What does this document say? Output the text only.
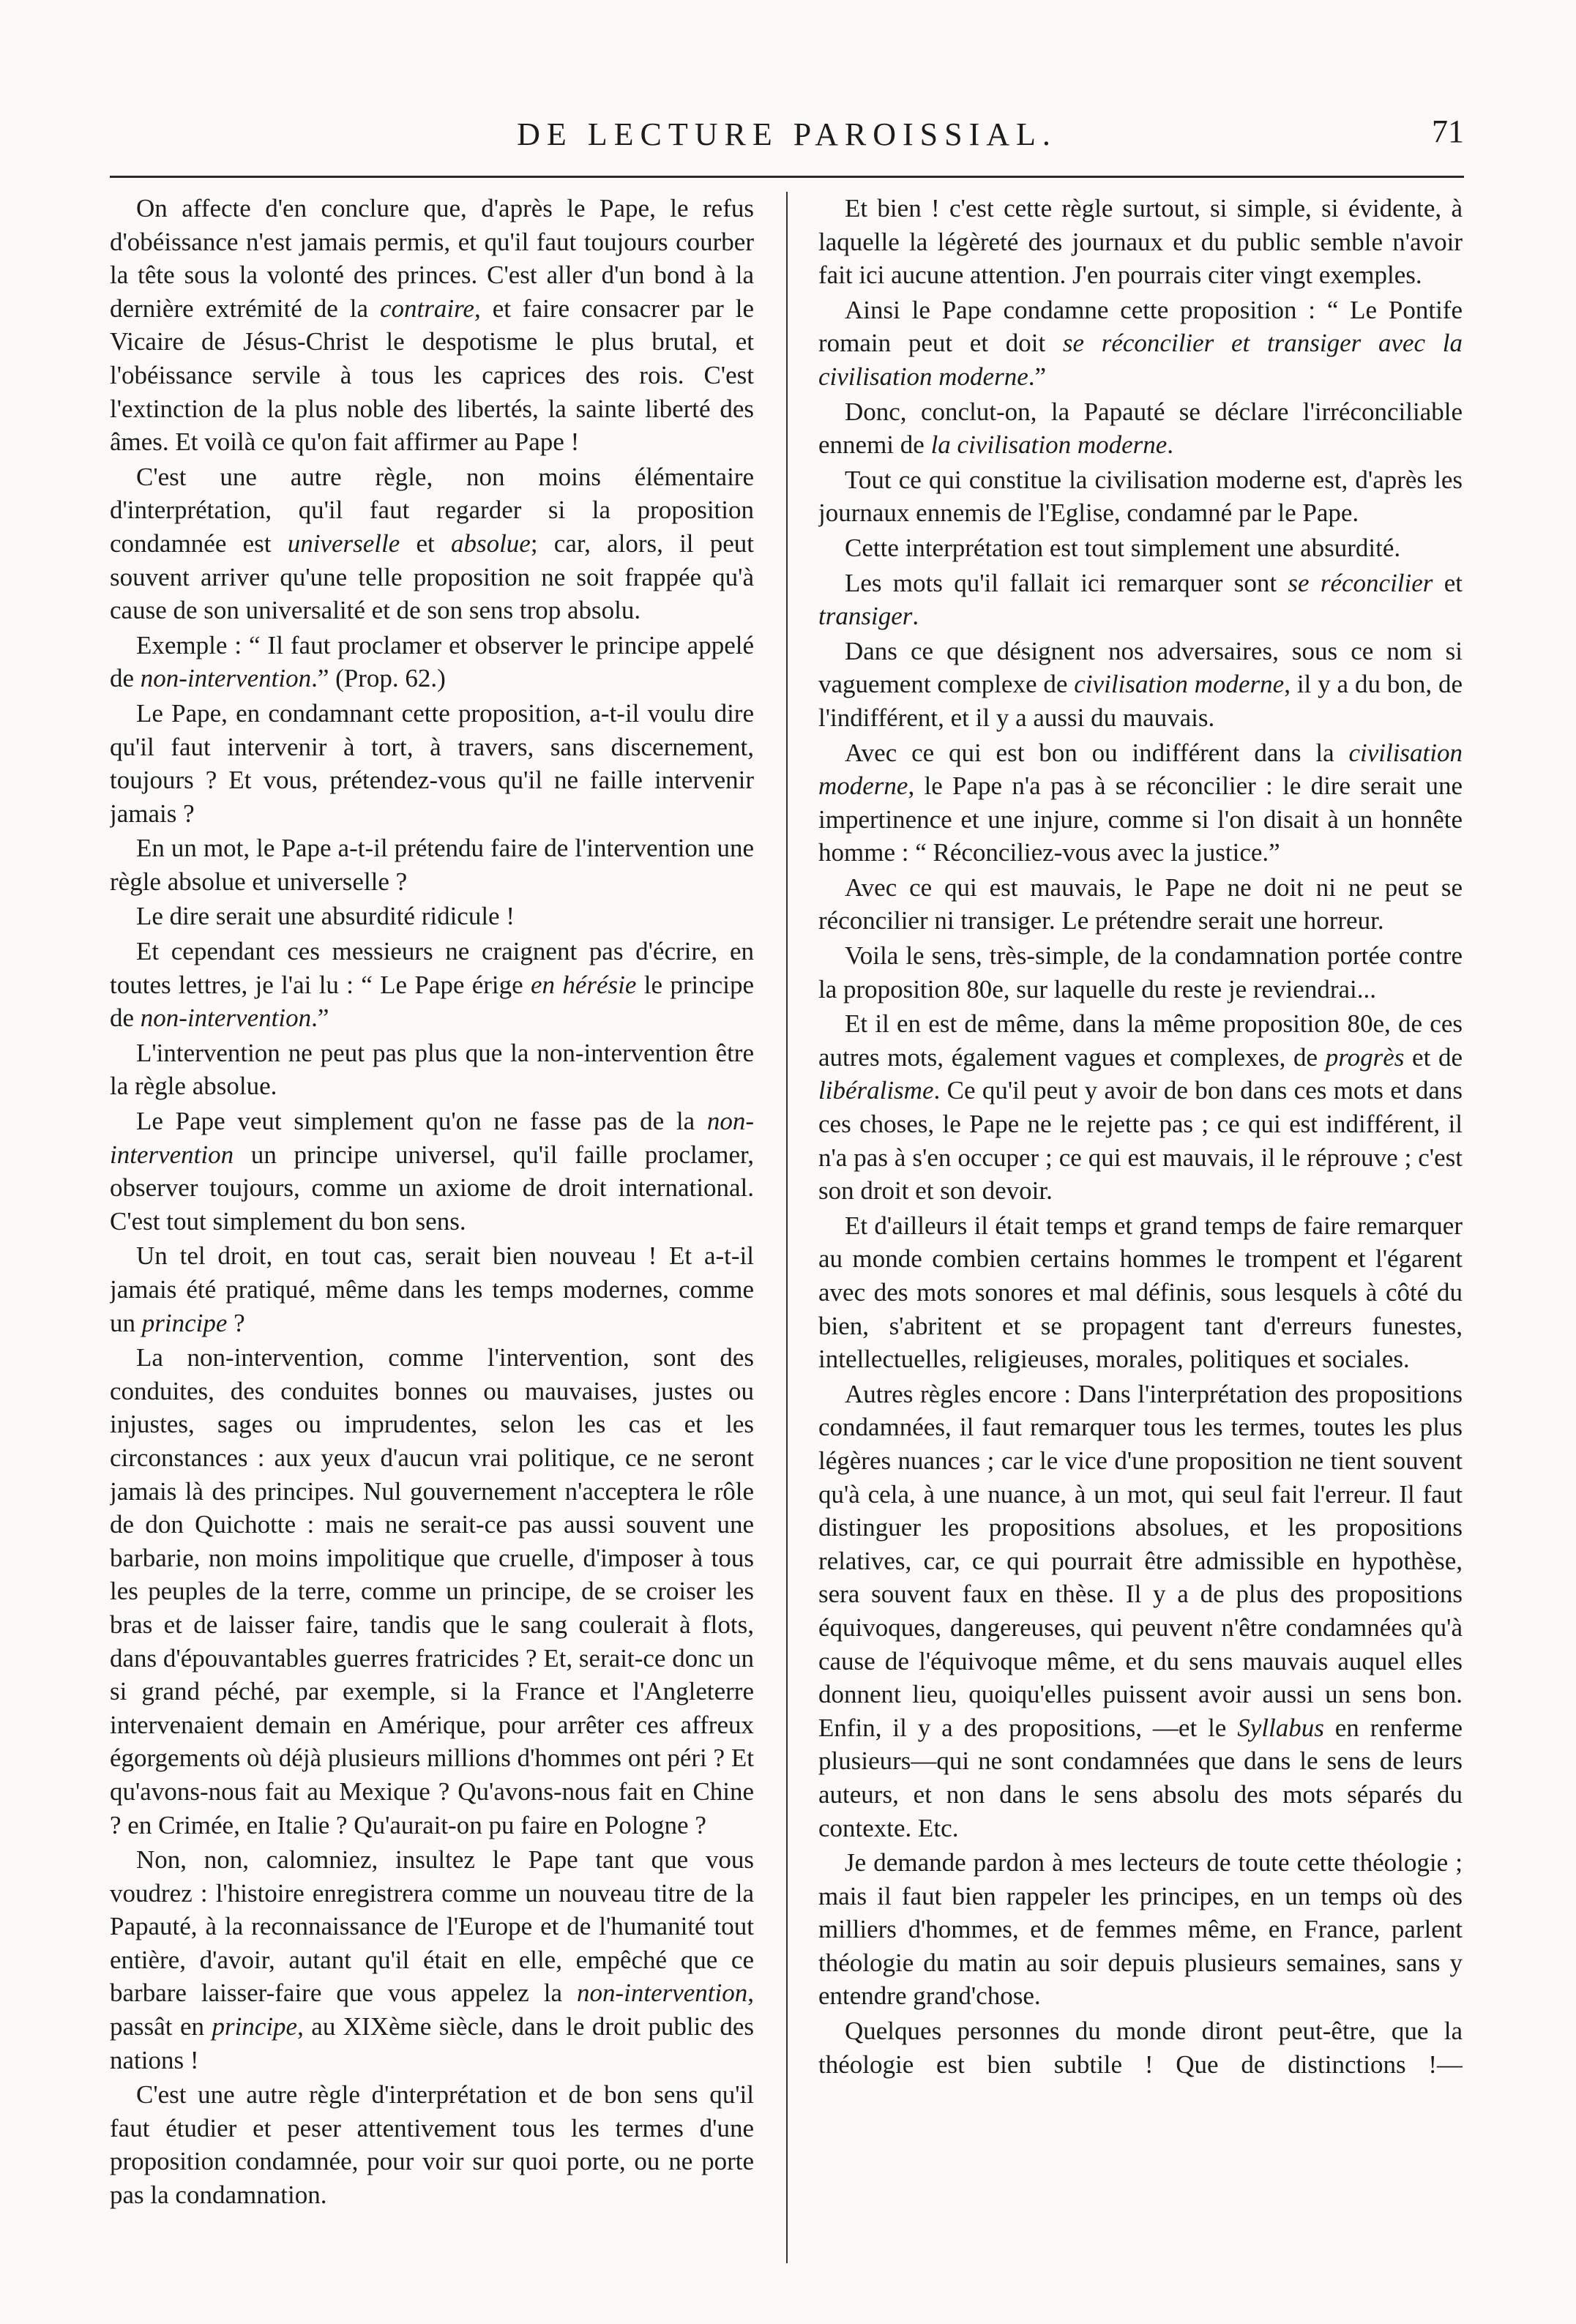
DE LECTURE PAROISSIAL.	71

On affecte d'en conclure que, d'après le Pape, le refus d'obéissance n'est jamais permis, et qu'il faut toujours courber la tête sous la volonté des princes. C'est aller d'un bond à la dernière extrémité de la contraire, et faire consacrer par le Vicaire de Jésus-Christ le despotisme le plus brutal, et l'obéissance servile à tous les caprices des rois. C'est l'extinction de la plus noble des libertés, la sainte liberté des âmes. Et voilà ce qu'on fait affirmer au Pape !

C'est une autre règle, non moins élémentaire d'interprétation, qu'il faut regarder si la proposition condamnée est universelle et absolue; car, alors, il peut souvent arriver qu'une telle proposition ne soit frappée qu'à cause de son universalité et de son sens trop absolu.

Exemple : “ Il faut proclamer et observer le principe appelé de non-intervention.” (Prop. 62.)

Le Pape, en condamnant cette proposition, a-t-il voulu dire qu'il faut intervenir à tort, à travers, sans discernement, toujours ? Et vous, prétendez-vous qu'il ne faille intervenir jamais ?

En un mot, le Pape a-t-il prétendu faire de l'intervention une règle absolue et universelle ?

Le dire serait une absurdité ridicule !

Et cependant ces messieurs ne craignent pas d'écrire, en toutes lettres, je l'ai lu : “ Le Pape érige en hérésie le principe de non-intervention.”

L'intervention ne peut pas plus que la non-intervention être la règle absolue.

Le Pape veut simplement qu'on ne fasse pas de la non-intervention un principe universel, qu'il faille proclamer, observer toujours, comme un axiome de droit international. C'est tout simplement du bon sens.

Un tel droit, en tout cas, serait bien nouveau ! Et a-t-il jamais été pratiqué, même dans les temps modernes, comme un principe ?

La non-intervention, comme l'intervention, sont des conduites, des conduites bonnes ou mauvaises, justes ou injustes, sages ou imprudentes, selon les cas et les circonstances : aux yeux d'aucun vrai politique, ce ne seront jamais là des principes. Nul gouvernement n'acceptera le rôle de don Quichotte : mais ne serait-ce pas aussi souvent une barbarie, non moins impolitique que cruelle, d'imposer à tous les peuples de la terre, comme un principe, de se croiser les bras et de laisser faire, tandis que le sang coulerait à flots, dans d'épouvantables guerres fratricides ? Et, serait-ce donc un si grand péché, par exemple, si la France et l'Angleterre intervenaient demain en Amérique, pour arrêter ces affreux égorgements où déjà plusieurs millions d'hommes ont péri ? Et qu'avons-nous fait au Mexique ? Qu'avons-nous fait en Chine ? en Crimée, en Italie ? Qu'aurait-on pu faire en Pologne ?

Non, non, calomniez, insultez le Pape tant que vous voudrez : l'histoire enregistrera comme un nouveau titre de la Papauté, à la reconnaissance de l'Europe et de l'humanité tout entière, d'avoir, autant qu'il était en elle, empêché que ce barbare laisser-faire que vous appelez la non-intervention, passât en principe, au XIXème siècle, dans le droit public des nations !

C'est une autre règle d'interprétation et de bon sens qu'il faut étudier et peser attentivement tous les termes d'une proposition condamnée, pour voir sur quoi porte, ou ne porte pas la condamnation.

Et bien ! c'est cette règle surtout, si simple, si évidente, à laquelle la légèreté des journaux et du public semble n'avoir fait ici aucune attention. J'en pourrais citer vingt exemples.

Ainsi le Pape condamne cette proposition : “ Le Pontife romain peut et doit se réconcilier et transiger avec la civilisation moderne.”

Donc, conclut-on, la Papauté se déclare l'irréconciliable ennemi de la civilisation moderne.

Tout ce qui constitue la civilisation moderne est, d'après les journaux ennemis de l'Eglise, condamné par le Pape.

Cette interprétation est tout simplement une absurdité.

Les mots qu'il fallait ici remarquer sont se réconcilier et transiger.

Dans ce que désignent nos adversaires, sous ce nom si vaguement complexe de civilisation moderne, il y a du bon, de l'indifférent, et il y a aussi du mauvais.

Avec ce qui est bon ou indifférent dans la civilisation moderne, le Pape n'a pas à se réconcilier : le dire serait une impertinence et une injure, comme si l'on disait à un honnête homme : “ Réconciliez-vous avec la justice.”

Avec ce qui est mauvais, le Pape ne doit ni ne peut se réconcilier ni transiger. Le prétendre serait une horreur.

Voila le sens, très-simple, de la condamnation portée contre la proposition 80e, sur laquelle du reste je reviendrai...

Et il en est de même, dans la même proposition 80e, de ces autres mots, également vagues et complexes, de progrès et de libéralisme. Ce qu'il peut y avoir de bon dans ces mots et dans ces choses, le Pape ne le rejette pas ; ce qui est indifférent, il n'a pas à s'en occuper ; ce qui est mauvais, il le réprouve ; c'est son droit et son devoir.

Et d'ailleurs il était temps et grand temps de faire remarquer au monde combien certains hommes le trompent et l'égarent avec des mots sonores et mal définis, sous lesquels à côté du bien, s'abritent et se propagent tant d'erreurs funestes, intellectuelles, religieuses, morales, politiques et sociales.

Autres règles encore : Dans l'interprétation des propositions condamnées, il faut remarquer tous les termes, toutes les plus légères nuances ; car le vice d'une proposition ne tient souvent qu'à cela, à une nuance, à un mot, qui seul fait l'erreur. Il faut distinguer les propositions absolues, et les propositions relatives, car, ce qui pourrait être admissible en hypothèse, sera souvent faux en thèse. Il y a de plus des propositions équivoques, dangereuses, qui peuvent n'être condamnées qu'à cause de l'équivoque même, et du sens mauvais auquel elles donnent lieu, quoiqu'elles puissent avoir aussi un sens bon. Enfin, il y a des propositions, —et le Syllabus en renferme plusieurs—qui ne sont condamnées que dans le sens de leurs auteurs, et non dans le sens absolu des mots séparés du contexte. Etc.

Je demande pardon à mes lecteurs de toute cette théologie ; mais il faut bien rappeler les principes, en un temps où des milliers d'hommes, et de femmes même, en France, parlent théologie du matin au soir depuis plusieurs semaines, sans y entendre grand'chose.

Quelques personnes du monde diront peut-être, que la théologie est bien subtile ! Que de distinctions !—
